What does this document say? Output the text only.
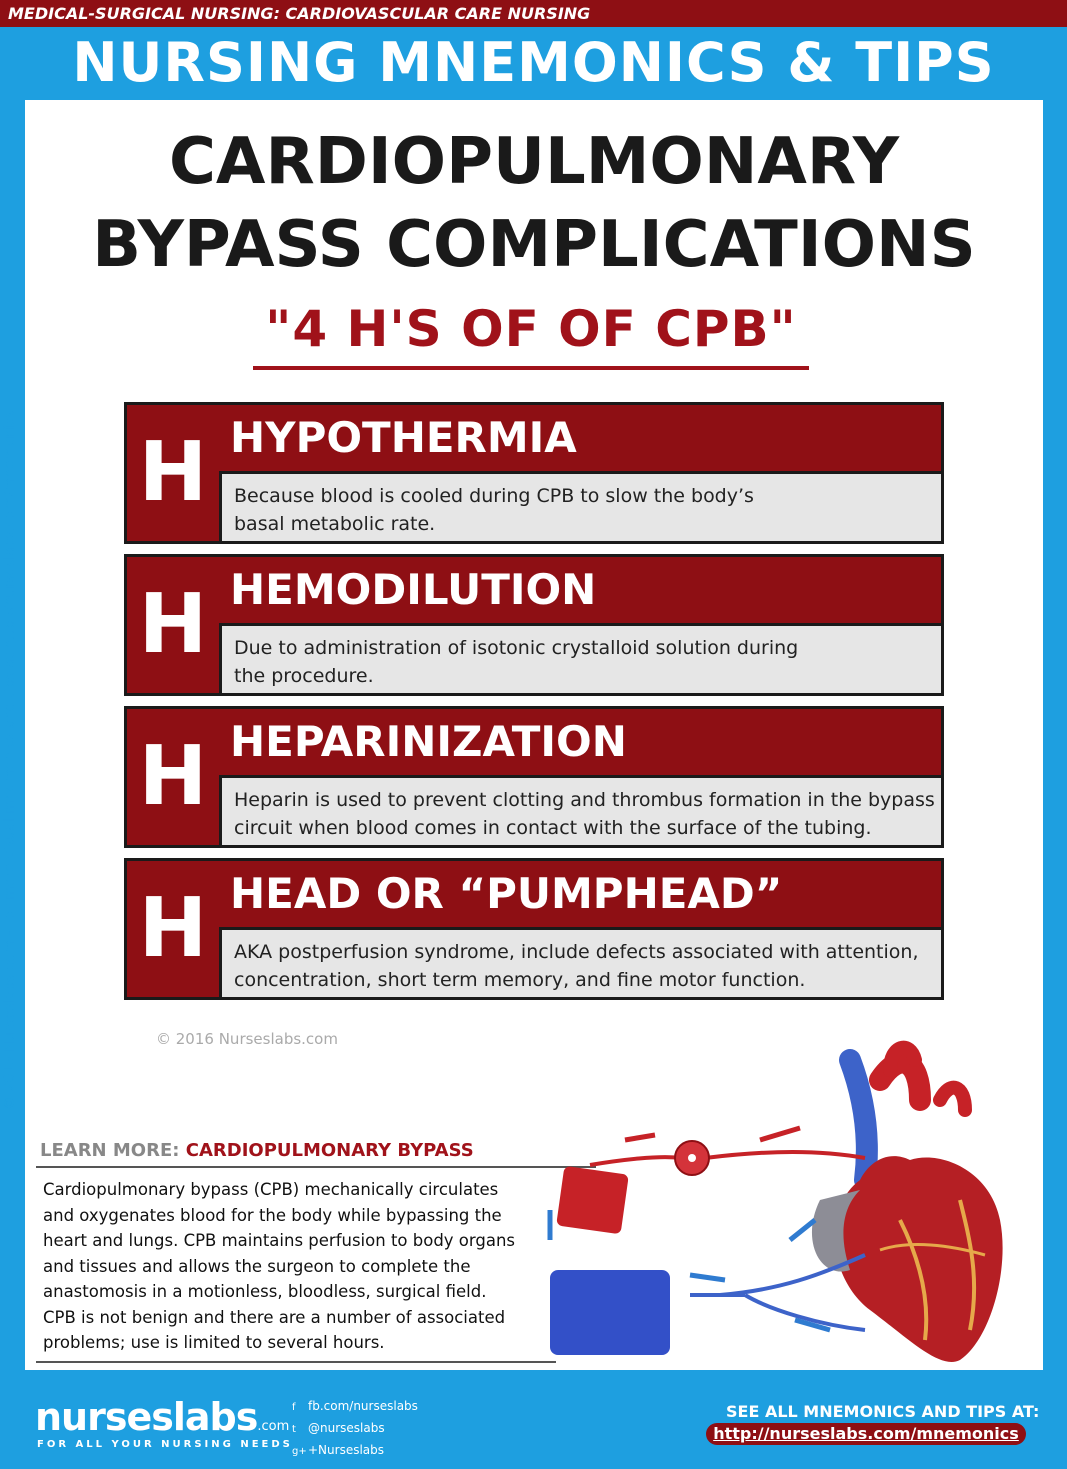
MEDICAL-SURGICAL NURSING: CARDIOVASCULAR CARE NURSING
NURSING MNEMONICS & TIPS
© 2015 Nurseslabs.com - For more visual mnemonics and tips at http://nurseslabs.com/mnemonics
CARDIOPULMONARY
BYPASS COMPLICATIONS
"4 H'S OF OF CPB"
H HYPOTHERMIA
Because blood is cooled during CPB to slow the body’s
basal metabolic rate.
H HEMODILUTION
Due to administration of isotonic crystalloid solution during
the procedure.
H HEPARINIZATION
Heparin is used to prevent clotting and thrombus formation in the bypass
circuit when blood comes in contact with the surface of the tubing.
H HEAD OR “PUMPHEAD”
AKA postperfusion syndrome, include defects associated with attention,
concentration, short term memory, and fine motor function.
© 2016 Nurseslabs.com
LEARN MORE: CARDIOPULMONARY BYPASS
Cardiopulmonary bypass (CPB) mechanically circulates
and oxygenates blood for the body while bypassing the
heart and lungs. CPB maintains perfusion to body organs
and tissues and allows the surgeon to complete the
anastomosis in a motionless, bloodless, surgical field.
CPB is not benign and there are a number of associated
problems; use is limited to several hours.
nurseslabs.com
FOR ALL YOUR NURSING NEEDS
f fb.com/nurseslabs
t @nurseslabs
g++Nurseslabs
SEE ALL MNEMONICS AND TIPS AT:
http://nurseslabs.com/mnemonics
